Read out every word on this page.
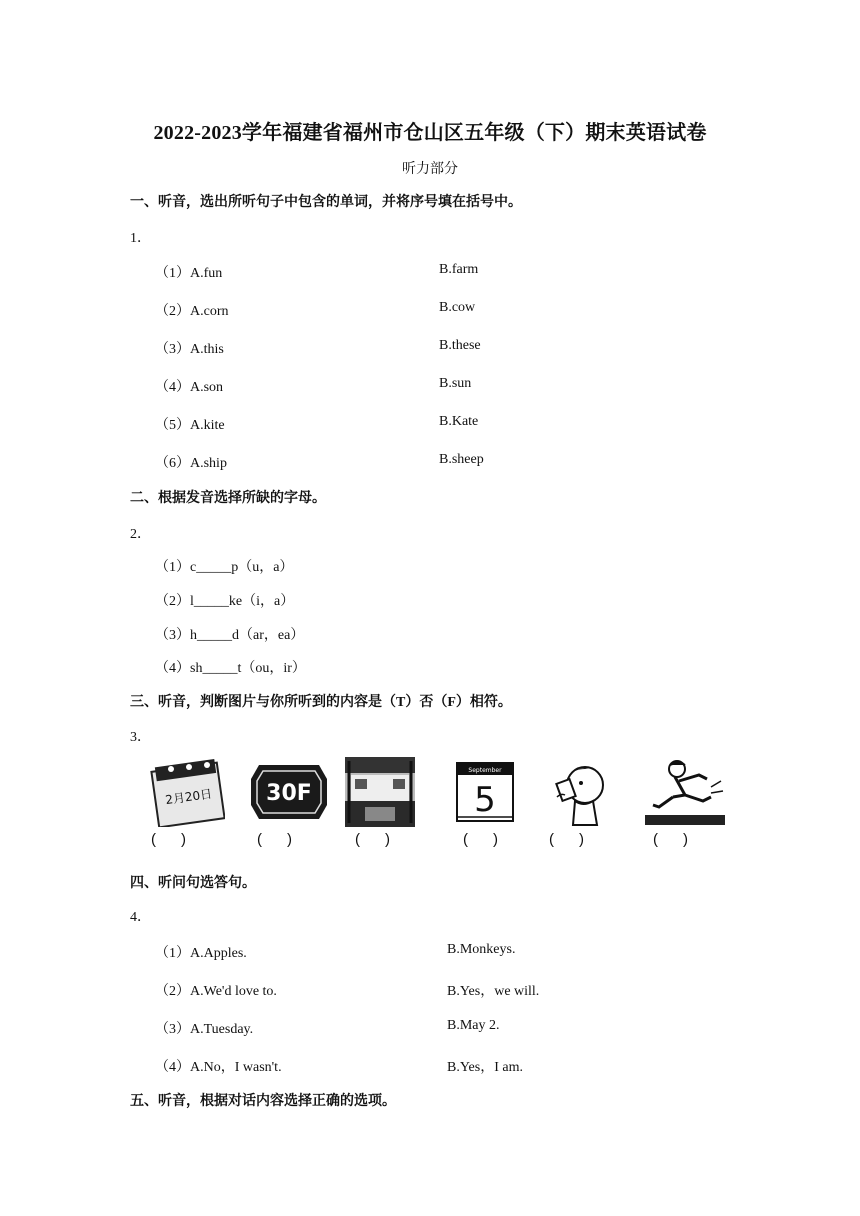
2022-2023学年福建省福州市仓山区五年级（下）期末英语试卷
听力部分
一、听音，选出所听句子中包含的单词，并将序号填在括号中。
1．
（1）A.fun	B.farm
（2）A.corn	B.cow
（3）A.this	B.these
（4）A.son	B.sun
（5）A.kite	B.Kate
（6）A.ship	B.sheep
二、根据发音选择所缺的字母。
2．
（1）c_____p（u，a）
（2）l_____ke（i，a）
（3）h_____d（ar，ea）
（4）sh_____t（ou，ir）
三、听音，判断图片与你所听到的内容是（T）否（F）相符。
3．
2月20日 30F
September
5
(      )	(      )	(      )	(      )	(      )	(      )
四、听问句选答句。
4．
（1）A.Apples.	B.Monkeys.
（2）A.We'd love to.	B.Yes，we will.
（3）A.Tuesday.	B.May 2.
（4）A.No，I wasn't.	B.Yes，I am.
五、听音，根据对话内容选择正确的选项。
